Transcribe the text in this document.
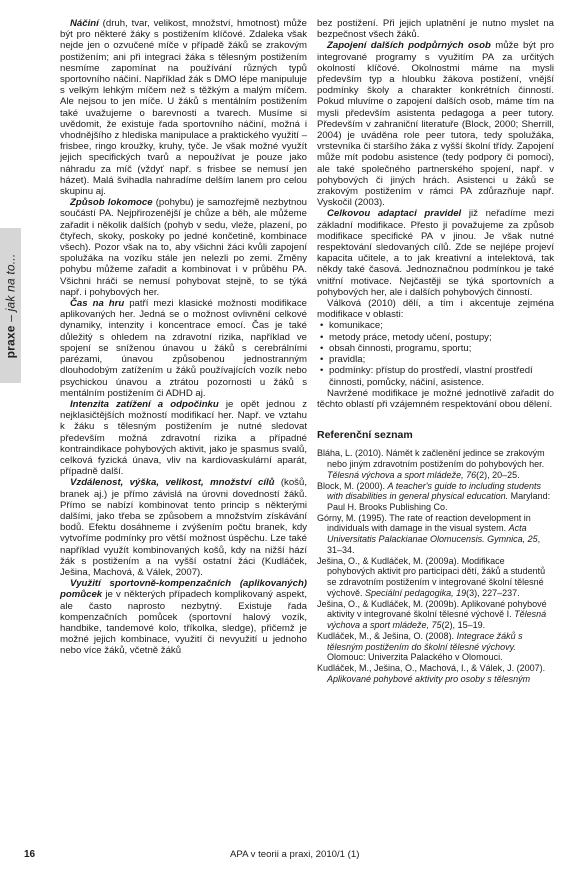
praxe – jak na to...

Náčiní (druh, tvar, velikost, množství, hmotnost) může být pro některé žáky s postižením klíčové. Zdaleka však nejde jen o ozvučené míče v případě žáků se zrakovým postižením; ani při integraci žáka s tělesným postižením nesmíme zapomínat na používání různých typů sportovního náčiní. Například žák s DMO lépe manipuluje s velkým lehkým míčem než s těžkým a malým míčem. Ale nejsou to jen míče. U žáků s mentálním postižením také uvažujeme o barevnosti a tvarech. Musíme si uvědomit, že existuje řada sportovního náčiní, možná i vhodnějšího z hlediska manipulace a praktického využití – frisbee, ringo kroužky, kruhy, tyče. Je však možné využít jejich specifických tvarů a nepoužívat je pouze jako náhradu za míč (vždyť např. s frisbee se nemusí jen házet). Malá švihadla nahradíme delším lanem pro celou skupinu aj.

Způsob lokomoce (pohybu) je samozřejmě nezbytnou součástí PA. Nejpřirozenější je chůze a běh, ale můžeme zařadit i několik dalších (pohyb v sedu, vleže, plazení, po čtyřech, skoky, poskoky po jedné končetině, kombinace všech). Pozor však na to, aby všichni žáci kvůli zapojení spolužáka na vozíku stále jen nelezli po zemi. Změny pohybu můžeme zařadit a kombinovat i v průběhu PA. Všichni hráči se nemusí pohybovat stejně, to se týká např. i pohybových her.

Čas na hru patří mezi klasické možnosti modifikace aplikovaných her. Jedná se o možnost ovlivnění celkové dynamiky, intenzity i koncentrace emocí. Čas je také důležitý s ohledem na zdravotní rizika, například ve spojení se sníženou únavou u žáků s cerebrálními parézami, únavou způsobenou jednostranným dlouhodobým zatížením u žáků používajících vozík nebo psychickou únavou a ztrátou pozornosti u žáků s mentálním postižením či ADHD aj.

Intenzita zatížení a odpočinku je opět jednou z nejklasičtějších možností modifikací her. Např. ve vztahu k žáku s tělesným postižením je nutné sledovat především možná zdravotní rizika a případné kontraindikace pohybových aktivit, jako je spasmus svalů, celková fyzická únava, vliv na kardiovaskulární aparát, případně další.

Vzdálenost, výška, velikost, množství cílů (košů, branek aj.) je přímo závislá na úrovni dovedností žáků. Přímo se nabízí kombinovat tento princip s některými dalšími, jako třeba se způsobem a množstvím získávání bodů. Efektu dosáhneme i zvýšením počtu branek, kdy vytvoříme podmínky pro větší možnost úspěchu. Lze také například využít kombinovaných košů, kdy na nižší hází žák s postižením a na vyšší ostatní žáci (Kudláček, Ješina, Machová, & Válek, 2007).

Využití sportovně-kompenzačních (aplikovaných) pomůcek je v některých případech komplikovaný aspekt, ale často naprosto nezbytný. Existuje řada kompenzačních pomůcek (sportovní halový vozík, handbike, tandemové kolo, tříkolka, sledge), přičemž je možné jejich kombinace, využití či nevyužití u jednoho nebo více žáků, včetně žáků

bez postižení. Při jejich uplatnění je nutno myslet na bezpečnost všech žáků.

Zapojení dalších podpůrných osob může být pro integrované programy s využitím PA za určitých okolností klíčové. Okolnostmi máme na mysli především typ a hloubku žákova postižení, vnější podmínky školy a charakter konkrétních činností. Pokud mluvíme o zapojení dalších osob, máme tím na mysli především asistenta pedagoga a peer tutory. Především v zahraniční literatuře (Block, 2000; Sherrill, 2004) je uváděna role peer tutora, tedy spolužáka, vrstevníka či staršího žáka z vyšší školní třídy. Zapojení může mít podobu asistence (tedy podpory či pomoci), ale také společného partnerského spojení, např. v pohybových či jiných hrách. Asistenci u žáků se zrakovým postižením v rámci PA zdůrazňuje např. Vyskočil (2003).

Celkovou adaptaci pravidel již neřadíme mezi základní modifikace. Přesto ji považujeme za způsob modifikace specifické PA v jinou. Je však nutné respektování sledovaných cílů. Zde se nejlépe projeví kapacita učitele, a to jak kreativní a intelektová, tak někdy také časová. Jednoznačnou podmínkou je také vnitřní motivace. Nejčastěji se týká sportovních a pohybových her, ale i dalších pohybových činností.

Válková (2010) dělí, a tím i akcentuje zejména modifikace v oblasti:

• komunikace;
• metody práce, metody učení, postupy;
• obsah činnosti, programu, sportu;
• pravidla;
• podmínky: přístup do prostředí, vlastní prostředí činnosti, pomůcky, náčiní, asistence.

Navržené modifikace je možné jednotlivě zařadit do těchto oblastí při vzájemném respektování obou dělení.

Referenční seznam

Bláha, L. (2010). Námět k začlenění jedince se zrakovým nebo jiným zdravotním postižením do pohybových her. Tělesná výchova a sport mládeže, 76(2), 20–25.

Block, M. (2000). A teacher's guide to including students with disabilities in general physical education. Maryland: Paul H. Brooks Publishing Co.

Górny, M. (1995). The rate of reaction development in individuals with damage in the visual system. Acta Universitatis Palackianae Olomucensis. Gymnica, 25, 31–34.

Ješina, O., & Kudláček, M. (2009a). Modifikace pohybových aktivit pro participaci dětí, žáků a studentů se zdravotním postižením v integrované školní tělesné výchově. Speciální pedagogika, 19(3), 227–237.

Ješina, O., & Kudláček, M. (2009b). Aplikované pohybové aktivity v integrované školní tělesné výchově I. Tělesná výchova a sport mládeže, 75(2), 15–19.

Kudláček, M., & Ješina, O. (2008). Integrace žáků s tělesným postižením do školní tělesné výchovy. Olomouc: Univerzita Palackého v Olomouci.

Kudláček, M., Ješina, O., Machová, I., & Válek, J. (2007). Aplikované pohybové aktivity pro osoby s tělesným

16	APA v teorii a praxi, 2010/1 (1)
